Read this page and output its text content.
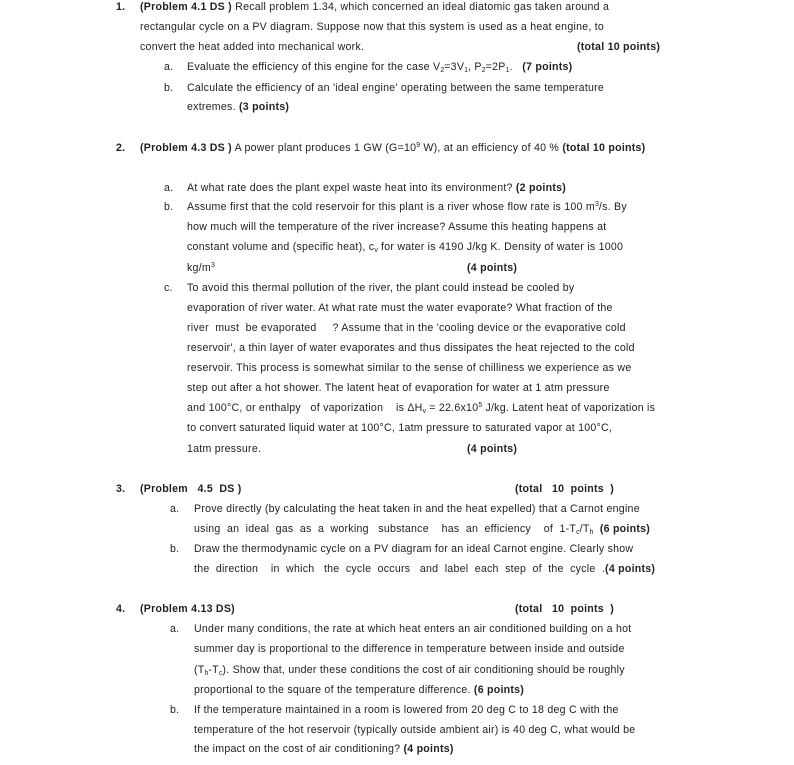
1. (Problem 4.1 DS ) Recall problem 1.34, which concerned an ideal diatomic gas taken around a
rectangular cycle on a PV diagram. Suppose now that this system is used as a heat engine, to
convert the heat added into mechanical work.	(total 10 points)
a. Evaluate the efficiency of this engine for the case $V_2=3V_1$, $P_2=2P_1$. (7 points)
b. Calculate the efficiency of an 'ideal engine' operating between the same temperature
extremes. (3 points)
2. (Problem 4.3 DS ) A power plant produces 1 GW ($G=10^9$ W), at an efficiency of 40 % (total 10 points)
a. At what rate does the plant expel waste heat into its environment? (2 points)
b. Assume first that the cold reservoir for this plant is a river whose flow rate is 100 $m^3/s$. By
how much will the temperature of the river increase? Assume this heating happens at
constant volume and (specific heat), $c_v$ for water is 4190 J/kg K. Density of water is 1000
$kg/m^3$	(4 points)
c. To avoid this thermal pollution of the river, the plant could instead be cooled by
evaporation of river water. At what rate must the water evaporate? What fraction of the
river  must  be evaporated     ? Assume that in the 'cooling device or the evaporative cold
reservoir', a thin layer of water evaporates and thus dissipates the heat rejected to the cold
reservoir. This process is somewhat similar to the sense of chilliness we experience as we
step out after a hot shower. The latent heat of evaporation for water at 1 atm pressure
and 100°C, or enthalpy   of vaporization    is $\Delta H_v = 22.6x10^5$ J/kg. Latent heat of vaporization is
to convert saturated liquid water at 100°C, 1atm pressure to saturated vapor at 100°C,
1atm pressure.	(4 points)
3. (Problem   4.5  DS )	(total   10  points  )
a. Prove directly (by calculating the heat taken in and the heat expelled) that a Carnot engine
using  an  ideal  gas  as  a  working   substance    has  an  efficiency    of  $1-T_c/T_h$ (6 points)
b. Draw the thermodynamic cycle on a PV diagram for an ideal Carnot engine. Clearly show
the  direction    in  which   the  cycle  occurs   and  label  each  step  of  the  cycle  .(4 points)
4. (Problem 4.13 DS)	(total   10  points  )
a. Under many conditions, the rate at which heat enters an air conditioned building on a hot
summer day is proportional to the difference in temperature between inside and outside
$(T_h-T_c)$. Show that, under these conditions the cost of air conditioning should be roughly
proportional to the square of the temperature difference. (6 points)
b. If the temperature maintained in a room is lowered from 20 deg C to 18 deg C with the
temperature of the hot reservoir (typically outside ambient air) is 40 deg C, what would be
the impact on the cost of air conditioning? (4 points)
